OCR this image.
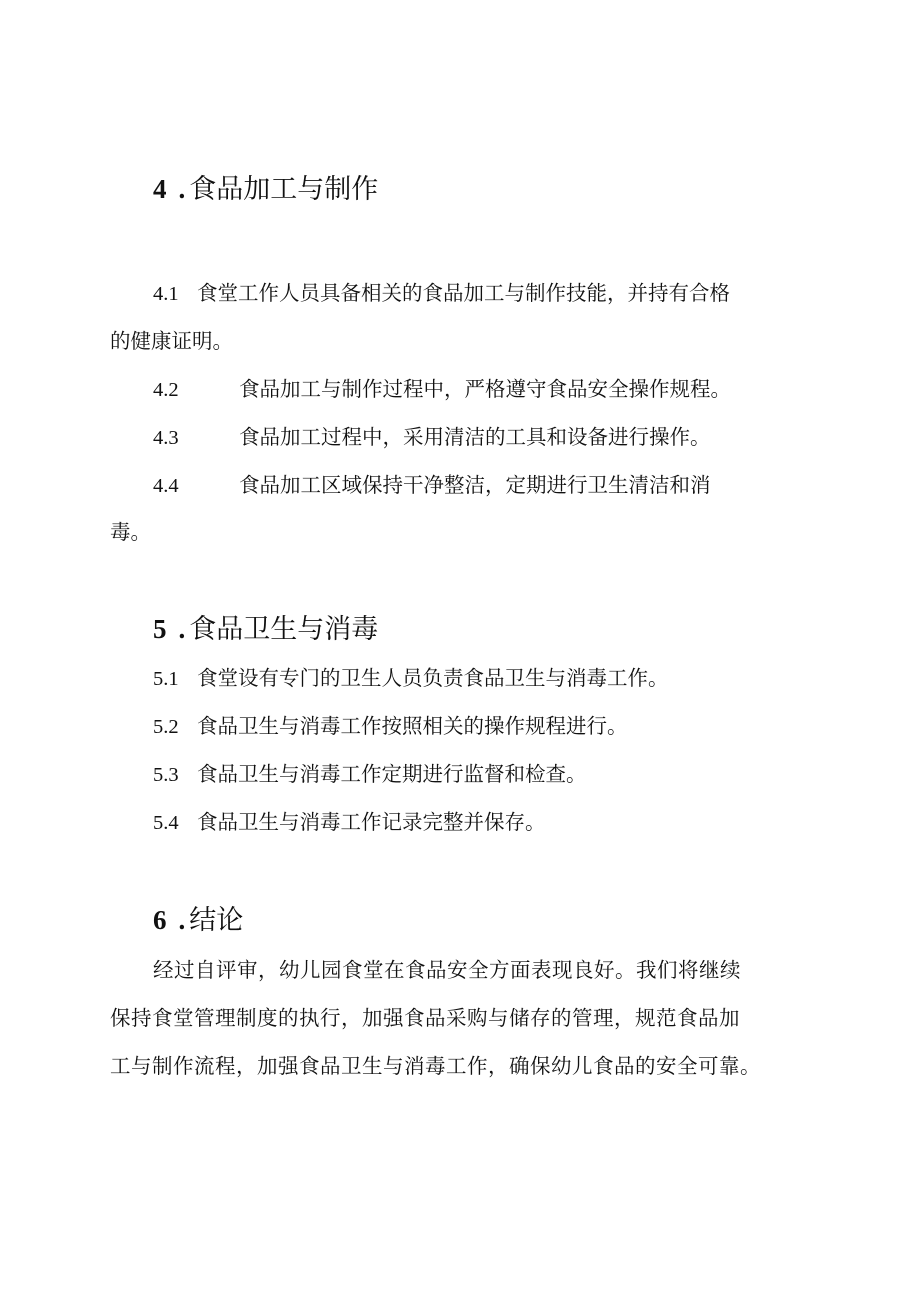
4 . 食品加工与制作
4.1 食堂工作人员具备相关的食品加工与制作技能，并持有合格
的健康证明。
4.2	食品加工与制作过程中，严格遵守食品安全操作规程。
4.3	食品加工过程中，采用清洁的工具和设备进行操作。
4.4	食品加工区域保持干净整洁，定期进行卫生清洁和消
毒。
5 . 食品卫生与消毒
5.1 食堂设有专门的卫生人员负责食品卫生与消毒工作。
5.2 食品卫生与消毒工作按照相关的操作规程进行。
5.3 食品卫生与消毒工作定期进行监督和检查。
5.4 食品卫生与消毒工作记录完整并保存。
6 . 结论
经过自评审，幼儿园食堂在食品安全方面表现良好。我们将继续
保持食堂管理制度的执行，加强食品采购与储存的管理，规范食品加
工与制作流程，加强食品卫生与消毒工作，确保幼儿食品的安全可靠。
